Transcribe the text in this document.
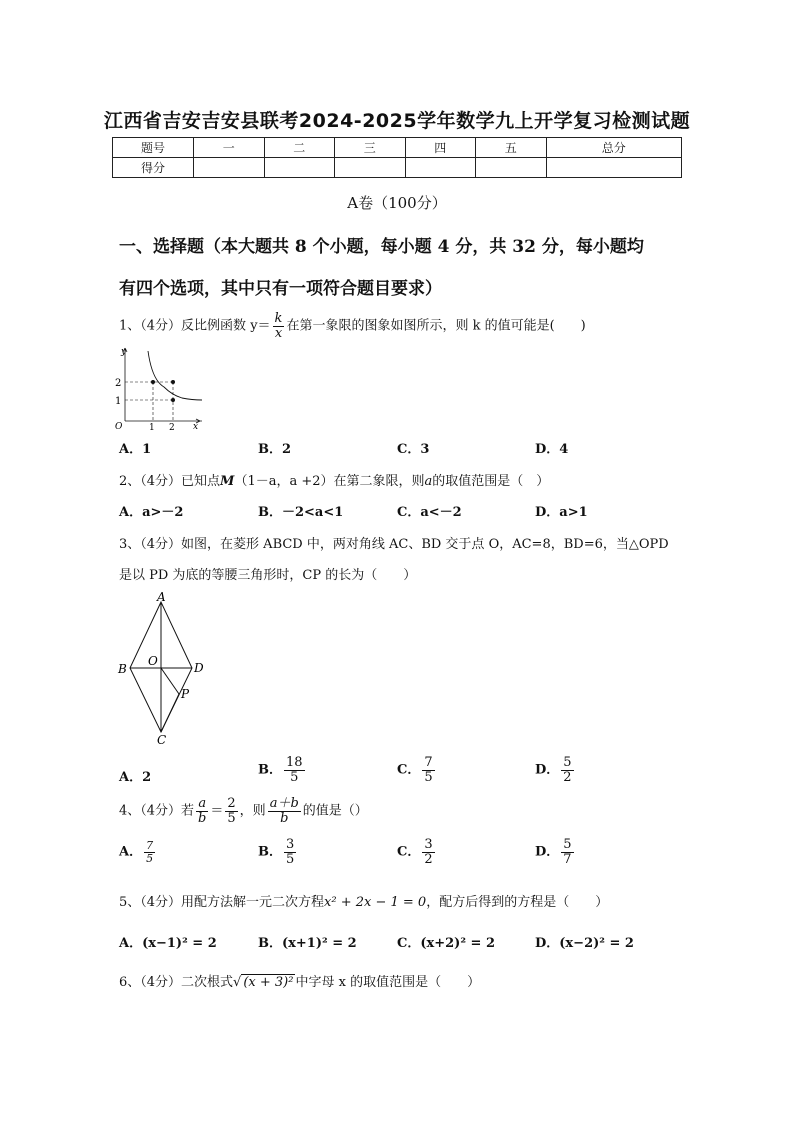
江西省吉安吉安县联考2024-2025学年数学九上开学复习检测试题
题号	一	二	三	四	五	总分
得分						
A卷（100分）
一、选择题（本大题共 8 个小题，每小题 4 分，共 32 分，每小题均
有四个选项，其中只有一项符合题目要求）
1、（4分）反比例函数 $y= \frac{k}{x}$ 在第一象限的图象如图所示，则 k 的值可能是(　　)
y
x
O
2
1
1 2
A．1	B．2	C．3	D．4
2、（4分）已知点M（1－a，a +2）在第二象限，则a的取值范围是（　）
A．a>－2	B．－2<a<1	C．a<－2	D．a>1
3、（4分）如图，在菱形 ABCD 中，两对角线 AC、BD 交于点 O，AC=8，BD=6，当△OPD
是以 PD 为底的等腰三角形时，CP 的长为（　　）
A
B
C
D
O
P
A．2	B． $\frac{18}{5}$	C． $\frac{7}{5}$	D． $\frac{5}{2}$
4、（4分）若 $\frac{a}{b} = \frac{2}{5}$ ，则 $\frac{a+b}{b}$ 的值是（）
A． $\frac{7}{5}$	B． $\frac{3}{5}$	C． $\frac{3}{2}$	D． $\frac{5}{7}$
5、（4分）用配方法解一元二次方程x² + 2x − 1 = 0，配方后得到的方程是（　　）
A．(x−1)² = 2	B．(x+1)² = 2	C．(x+2)² = 2	D．(x−2)² = 2
6、（4分）二次根式√ (x + 3)² 中字母 x 的取值范围是（　　）
